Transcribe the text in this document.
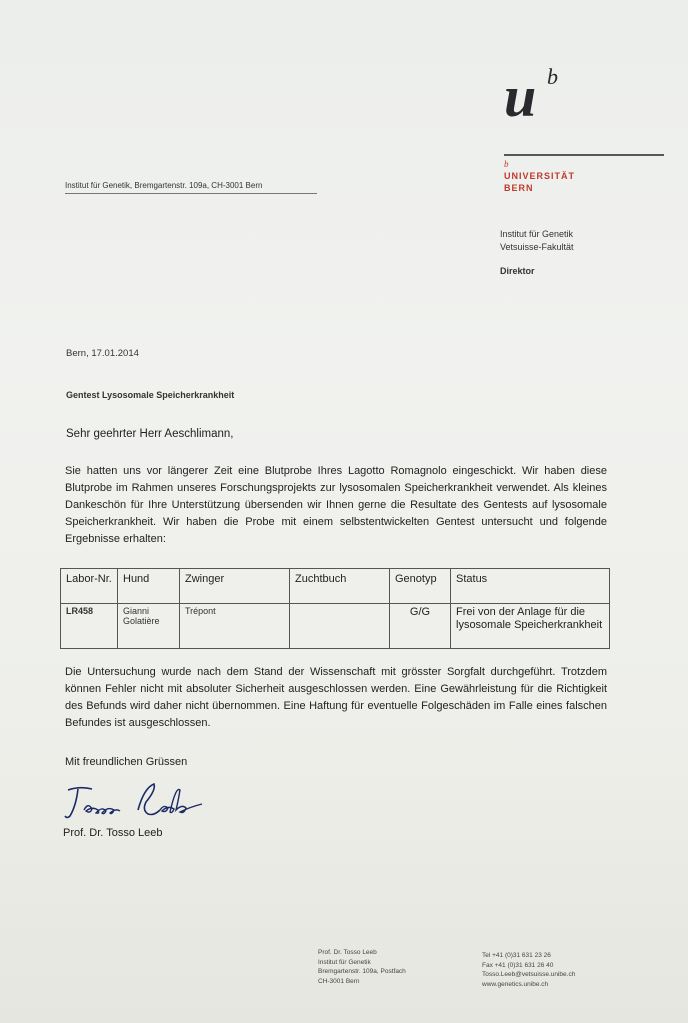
u b
b
UNIVERSITÄT
BERN
Institut für Genetik
Vetsuisse-Fakultät
Direktor
Institut für Genetik, Bremgartenstr. 109a, CH-3001 Bern
Bern, 17.01.2014
Gentest Lysosomale Speicherkrankheit
Sehr geehrter Herr Aeschlimann,
Sie hatten uns vor längerer Zeit eine Blutprobe Ihres Lagotto Romagnolo eingeschickt. Wir haben diese Blutprobe im Rahmen unseres Forschungsprojekts zur lysosomalen Speicherkrankheit verwendet. Als kleines Dankeschön für Ihre Unterstützung übersenden wir Ihnen gerne die Resultate des Gentests auf lysosomale Speicherkrankheit. Wir haben die Probe mit einem selbstentwickelten Gentest untersucht und folgende Ergebnisse erhalten:
Labor-Nr.	Hund	Zwinger	Zuchtbuch	Genotyp	Status
LR458	Gianni Golatière	Trépont		G/G	Frei von der Anlage für die lysosomale Speicherkrankheit
Die Untersuchung wurde nach dem Stand der Wissenschaft mit grösster Sorgfalt durchgeführt. Trotzdem können Fehler nicht mit absoluter Sicherheit ausgeschlossen werden. Eine Gewährleistung für die Richtigkeit des Befunds wird daher nicht übernommen. Eine Haftung für eventuelle Folgeschäden im Falle eines falschen Befundes ist ausgeschlossen.
Mit freundlichen Grüssen
Prof. Dr. Tosso Leeb
Prof. Dr. Tosso Leeb
Institut für Genetik
Bremgartenstr. 109a, Postfach
CH-3001 Bern
Tel +41 (0)31 631 23 26
Fax +41 (0)31 631 26 40
Tosso.Leeb@vetsuisse.unibe.ch
www.genetics.unibe.ch
